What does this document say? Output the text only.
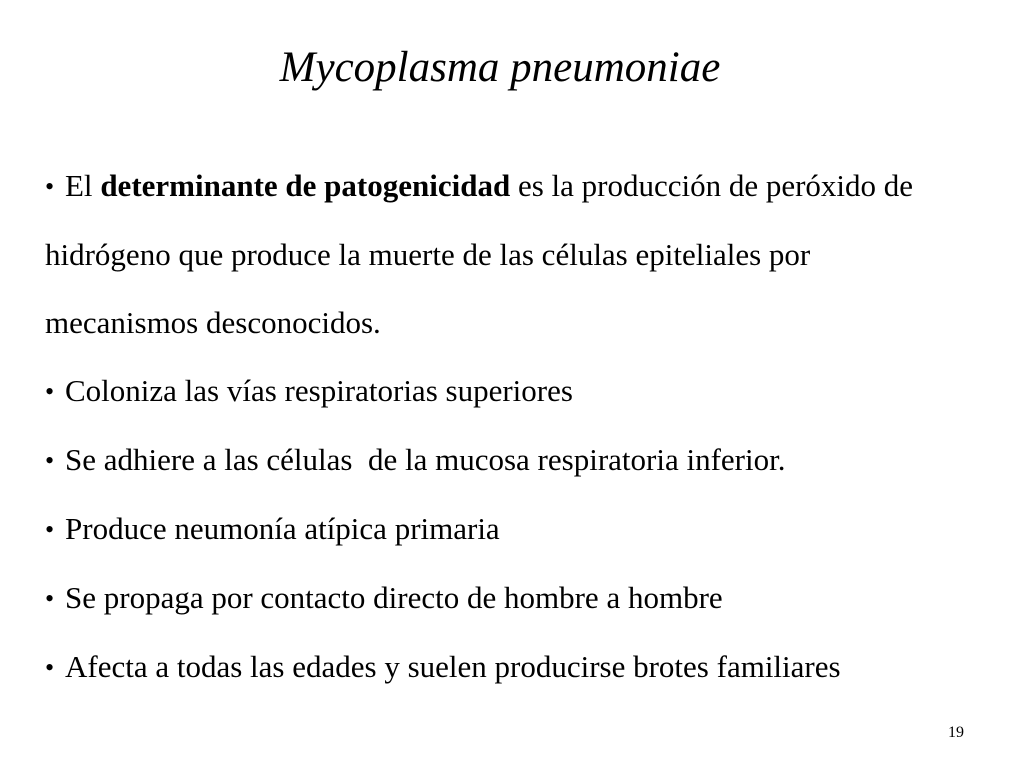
Mycoplasma pneumoniae

• El determinante de patogenicidad es la producción de peróxido de hidrógeno que produce la muerte de las células epiteliales por mecanismos desconocidos.

• Coloniza las vías respiratorias superiores

• Se adhiere a las células  de la mucosa respiratoria inferior.

• Produce neumonía atípica primaria

• Se propaga por contacto directo de hombre a hombre

• Afecta a todas las edades y suelen producirse brotes familiares

19
